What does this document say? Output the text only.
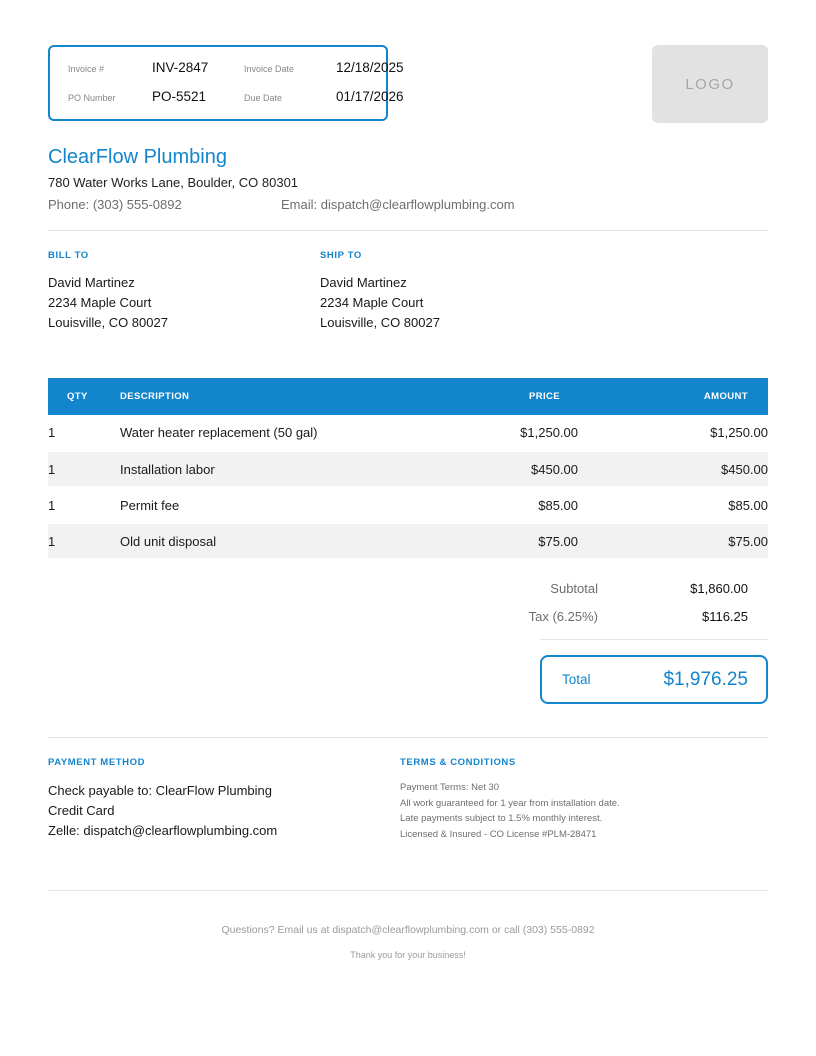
Invoice #	INV-2847	Invoice Date	12/18/2025
PO Number	PO-5521	Due Date	01/17/2026
LOGO
ClearFlow Plumbing
780 Water Works Lane, Boulder, CO 80301
Phone: (303) 555-0892	Email: dispatch@clearflowplumbing.com
BILL TO
David Martinez
2234 Maple Court
Louisville, CO 80027
SHIP TO
David Martinez
2234 Maple Court
Louisville, CO 80027
QTY	DESCRIPTION	PRICE	AMOUNT
1	Water heater replacement (50 gal)	$1,250.00	$1,250.00
1	Installation labor	$450.00	$450.00
1	Permit fee	$85.00	$85.00
1	Old unit disposal	$75.00	$75.00
Subtotal	$1,860.00
Tax (6.25%)	$116.25
Total	$1,976.25
PAYMENT METHOD
Check payable to: ClearFlow Plumbing
Credit Card
Zelle: dispatch@clearflowplumbing.com
TERMS & CONDITIONS
Payment Terms: Net 30
All work guaranteed for 1 year from installation date.
Late payments subject to 1.5% monthly interest.
Licensed & Insured - CO License #PLM-28471
Questions? Email us at dispatch@clearflowplumbing.com or call (303) 555-0892
Thank you for your business!
